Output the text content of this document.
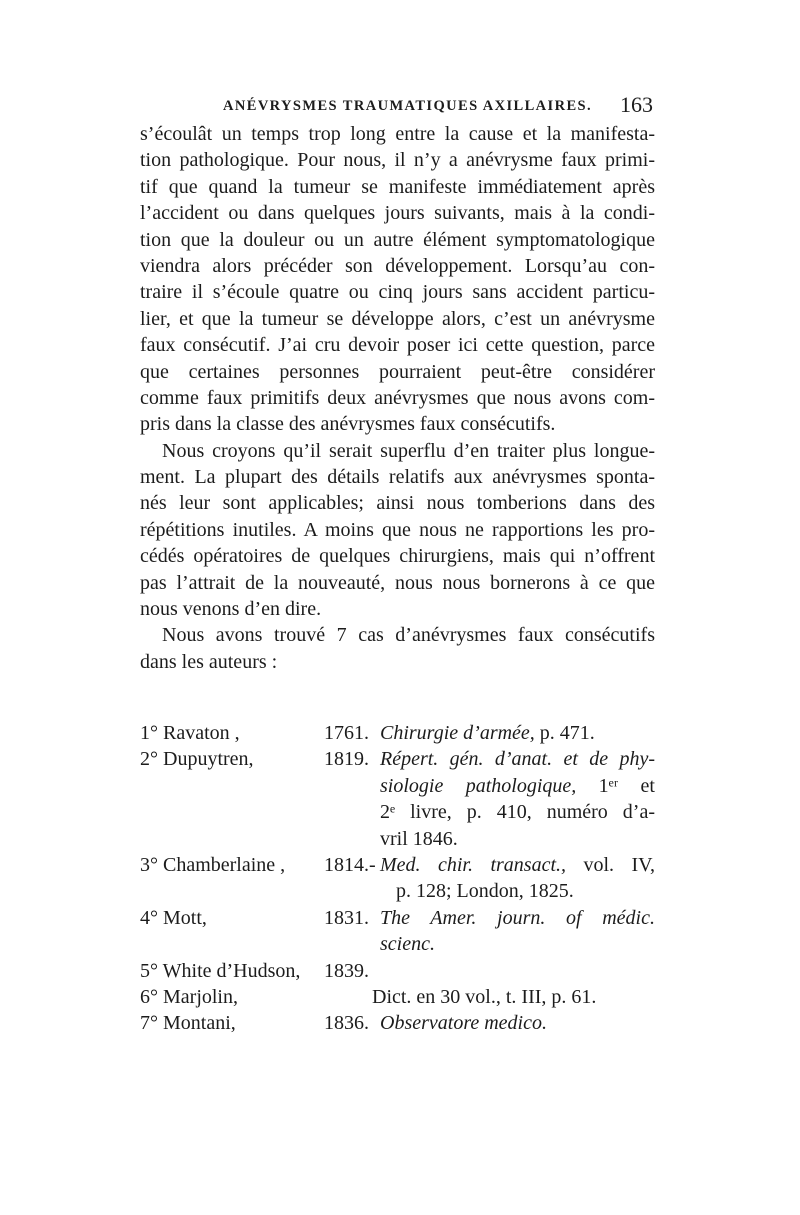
ANÉVRYSMES TRAUMATIQUES AXILLAIRES. 163
s’écoulât un temps trop long entre la cause et la manifesta-
tion pathologique. Pour nous, il n’y a anévrysme faux primi-
tif que quand la tumeur se manifeste immédiatement après
l’accident ou dans quelques jours suivants, mais à la condi-
tion que la douleur ou un autre élément symptomatologique
viendra alors précéder son développement. Lorsqu’au con-
traire il s’écoule quatre ou cinq jours sans accident particu-
lier, et que la tumeur se développe alors, c’est un anévrysme
faux consécutif. J’ai cru devoir poser ici cette question, parce
que certaines personnes pourraient peut-être considérer
comme faux primitifs deux anévrysmes que nous avons com-
pris dans la classe des anévrysmes faux consécutifs.
Nous croyons qu’il serait superflu d’en traiter plus longue-
ment. La plupart des détails relatifs aux anévrysmes sponta-
nés leur sont applicables; ainsi nous tomberions dans des
répétitions inutiles. A moins que nous ne rapportions les pro-
cédés opératoires de quelques chirurgiens, mais qui n’offrent
pas l’attrait de la nouveauté, nous nous bornerons à ce que
nous venons d’en dire.
Nous avons trouvé 7 cas d’anévrysmes faux consécutifs
dans les auteurs :
1° Ravaton ,	1761. Chirurgie d’armée, p. 471.
2° Dupuytren,	1819. Répert. gén. d’anat. et de phy-
siologie pathologique, 1ᵉʳ et
2ᵉ livre, p. 410, numéro d’a-
vril 1846.
3° Chamberlaine , 1814.- Med. chir. transact., vol. IV,
p. 128; London, 1825.
4° Mott,	1831. The Amer. journ. of médic.
scienc.
5° White d’Hudson, 1839.
6° Marjolin,	Dict. en 30 vol., t. III, p. 61.
7° Montani,	1836. Observatore medico.
